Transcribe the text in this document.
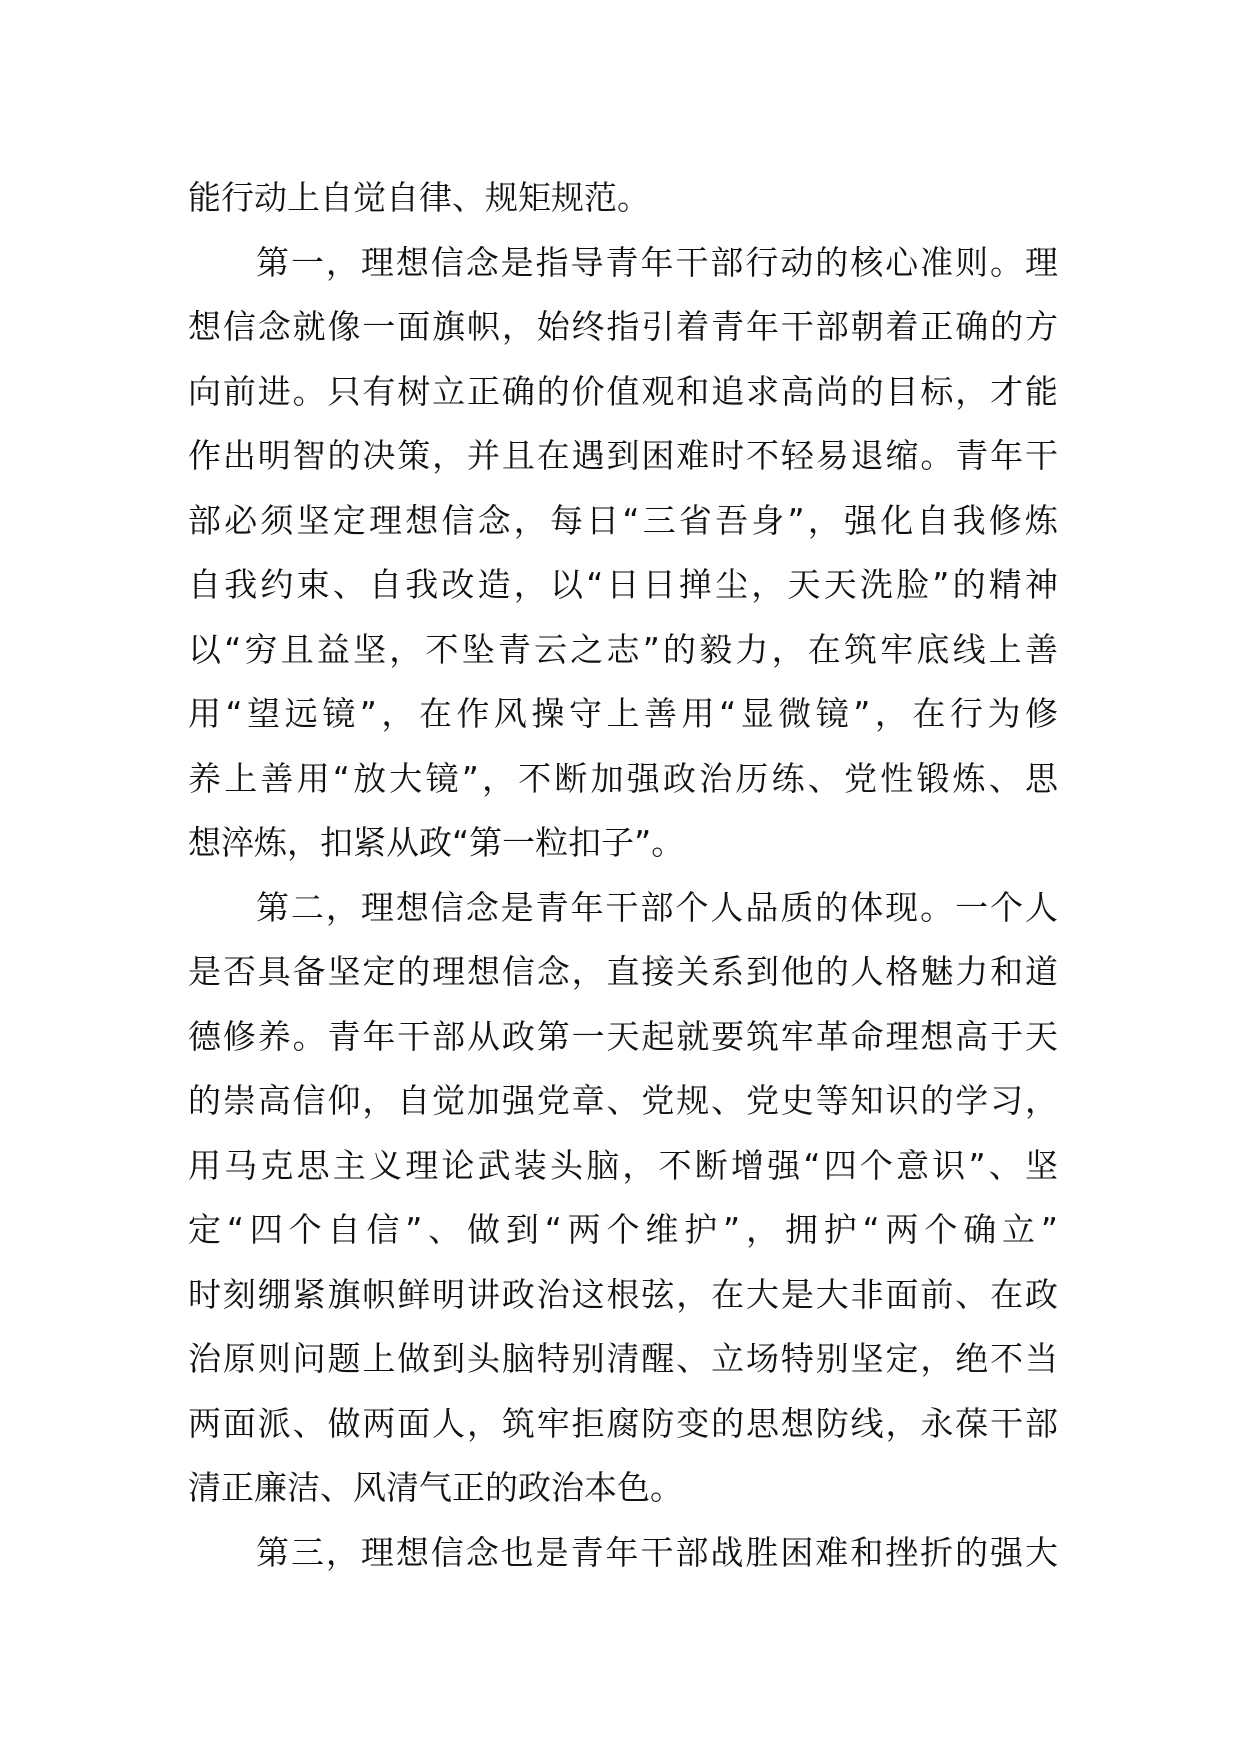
能行动上自觉自律、规矩规范。
第一，理想信念是指导青年干部行动的核心准则。理
想信念就像一面旗帜，始终指引着青年干部朝着正确的方
向前进。只有树立正确的价值观和追求高尚的目标，才能
作出明智的决策，并且在遇到困难时不轻易退缩。青年干
部必须坚定理想信念，每日“三省吾身”，强化自我修炼
自我约束、自我改造，以“日日掸尘，天天洗脸”的精神
以“穷且益坚，不坠青云之志”的毅力，在筑牢底线上善
用“望远镜”，在作风操守上善用“显微镜”，在行为修
养上善用“放大镜”，不断加强政治历练、党性锻炼、思
想淬炼，扣紧从政“第一粒扣子”。
第二，理想信念是青年干部个人品质的体现。一个人
是否具备坚定的理想信念，直接关系到他的人格魅力和道
德修养。青年干部从政第一天起就要筑牢革命理想高于天
的崇高信仰，自觉加强党章、党规、党史等知识的学习，
用马克思主义理论武装头脑，不断增强“四个意识”、坚
定“四个自信”、做到“两个维护”，拥护“两个确立”
时刻绷紧旗帜鲜明讲政治这根弦，在大是大非面前、在政
治原则问题上做到头脑特别清醒、立场特别坚定，绝不当
两面派、做两面人，筑牢拒腐防变的思想防线，永葆干部
清正廉洁、风清气正的政治本色。
第三，理想信念也是青年干部战胜困难和挫折的强大
